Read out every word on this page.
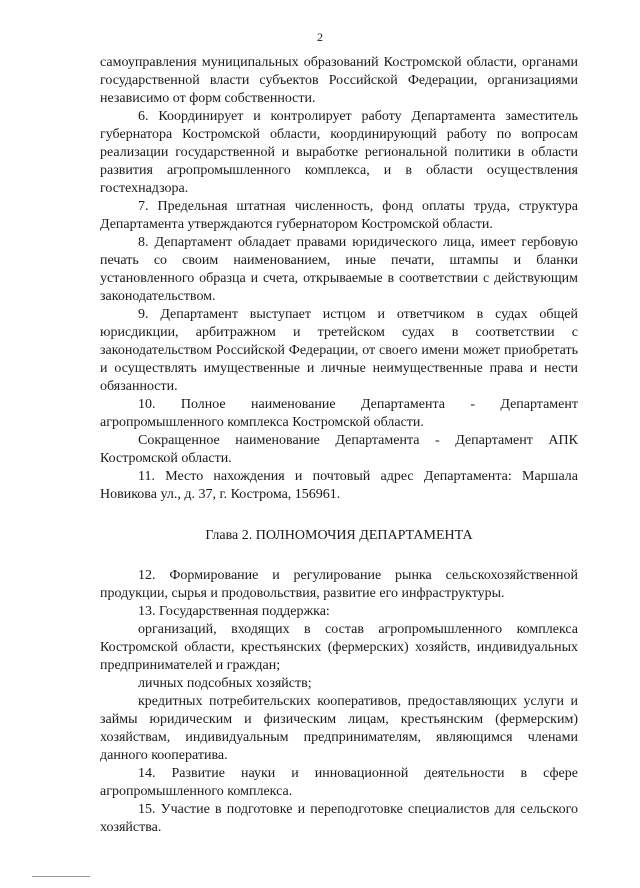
2

самоуправления муниципальных образований Костромской области, органами государственной власти субъектов Российской Федерации, организациями независимо от форм собственности.

6. Координирует и контролирует работу Департамента заместитель губернатора Костромской области, координирующий работу по вопросам реализации государственной и выработке региональной политики в области развития агропромышленного комплекса, и в области осуществления гостехнадзора.

7. Предельная штатная численность, фонд оплаты труда, структура Департамента утверждаются губернатором Костромской области.

8. Департамент обладает правами юридического лица, имеет гербовую печать со своим наименованием, иные печати, штампы и бланки установленного образца и счета, открываемые в соответствии с действующим законодательством.

9. Департамент выступает истцом и ответчиком в судах общей юрисдикции, арбитражном и третейском судах в соответствии с законодательством Российской Федерации, от своего имени может приобретать и осуществлять имущественные и личные неимущественные права и нести обязанности.

10. Полное наименование Департамента - Департамент агропромышленного комплекса Костромской области.

Сокращенное наименование Департамента - Департамент АПК Костромской области.

11. Место нахождения и почтовый адрес Департамента: Маршала Новикова ул., д. 37, г. Кострома, 156961.

Глава 2. ПОЛНОМОЧИЯ ДЕПАРТАМЕНТА

12. Формирование и регулирование рынка сельскохозяйственной продукции, сырья и продовольствия, развитие его инфраструктуры.

13. Государственная поддержка:

организаций, входящих в состав агропромышленного комплекса Костромской области, крестьянских (фермерских) хозяйств, индивидуальных предпринимателей и граждан;

личных подсобных хозяйств;

кредитных потребительских кооперативов, предоставляющих услуги и займы юридическим и физическим лицам, крестьянским (фермерским) хозяйствам, индивидуальным предпринимателям, являющимся членами данного кооператива.

14. Развитие науки и инновационной деятельности в сфере агропромышленного комплекса.

15. Участие в подготовке и переподготовке специалистов для сельского хозяйства.
